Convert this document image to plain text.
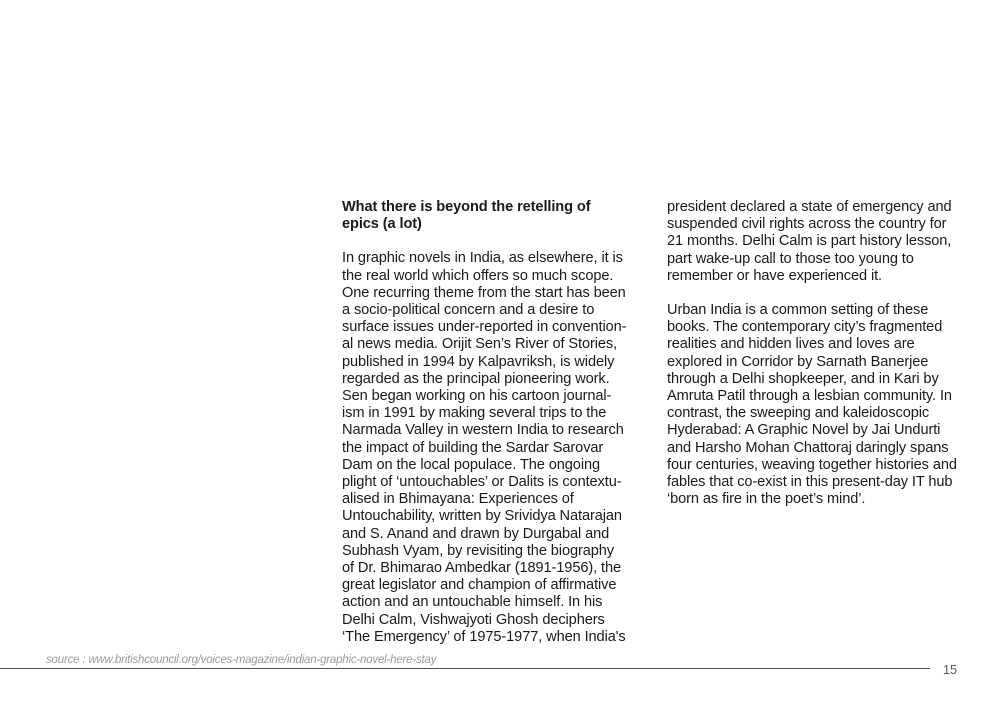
What there is beyond the retelling of
epics (a lot)

In graphic novels in India, as elsewhere, it is
the real world which offers so much scope.
One recurring theme from the start has been
a socio-political concern and a desire to
surface issues under-reported in convention-
al news media. Orijit Sen’s River of Stories,
published in 1994 by Kalpavriksh, is widely
regarded as the principal pioneering work.
Sen began working on his cartoon journal-
ism in 1991 by making several trips to the
Narmada Valley in western India to research
the impact of building the Sardar Sarovar
Dam on the local populace. The ongoing
plight of ‘untouchables’ or Dalits is contextu-
alised in Bhimayana: Experiences of
Untouchability, written by Srividya Natarajan
and S. Anand and drawn by Durgabal and
Subhash Vyam, by revisiting the biography
of Dr. Bhimarao Ambedkar (1891-1956), the
great legislator and champion of affirmative
action and an untouchable himself. In his
Delhi Calm, Vishwajyoti Ghosh deciphers
‘The Emergency’ of 1975-1977, when India's

president declared a state of emergency and
suspended civil rights across the country for
21 months. Delhi Calm is part history lesson,
part wake-up call to those too young to
remember or have experienced it.

Urban India is a common setting of these
books. The contemporary city’s fragmented
realities and hidden lives and loves are
explored in Corridor by Sarnath Banerjee
through a Delhi shopkeeper, and in Kari by
Amruta Patil through a lesbian community. In
contrast, the sweeping and kaleidoscopic
Hyderabad: A Graphic Novel by Jai Undurti
and Harsho Mohan Chattoraj daringly spans
four centuries, weaving together histories and
fables that co-exist in this present-day IT hub
‘born as fire in the poet’s mind’.

source : www.britishcouncil.org/voices-magazine/indian-graphic-novel-here-stay
15
